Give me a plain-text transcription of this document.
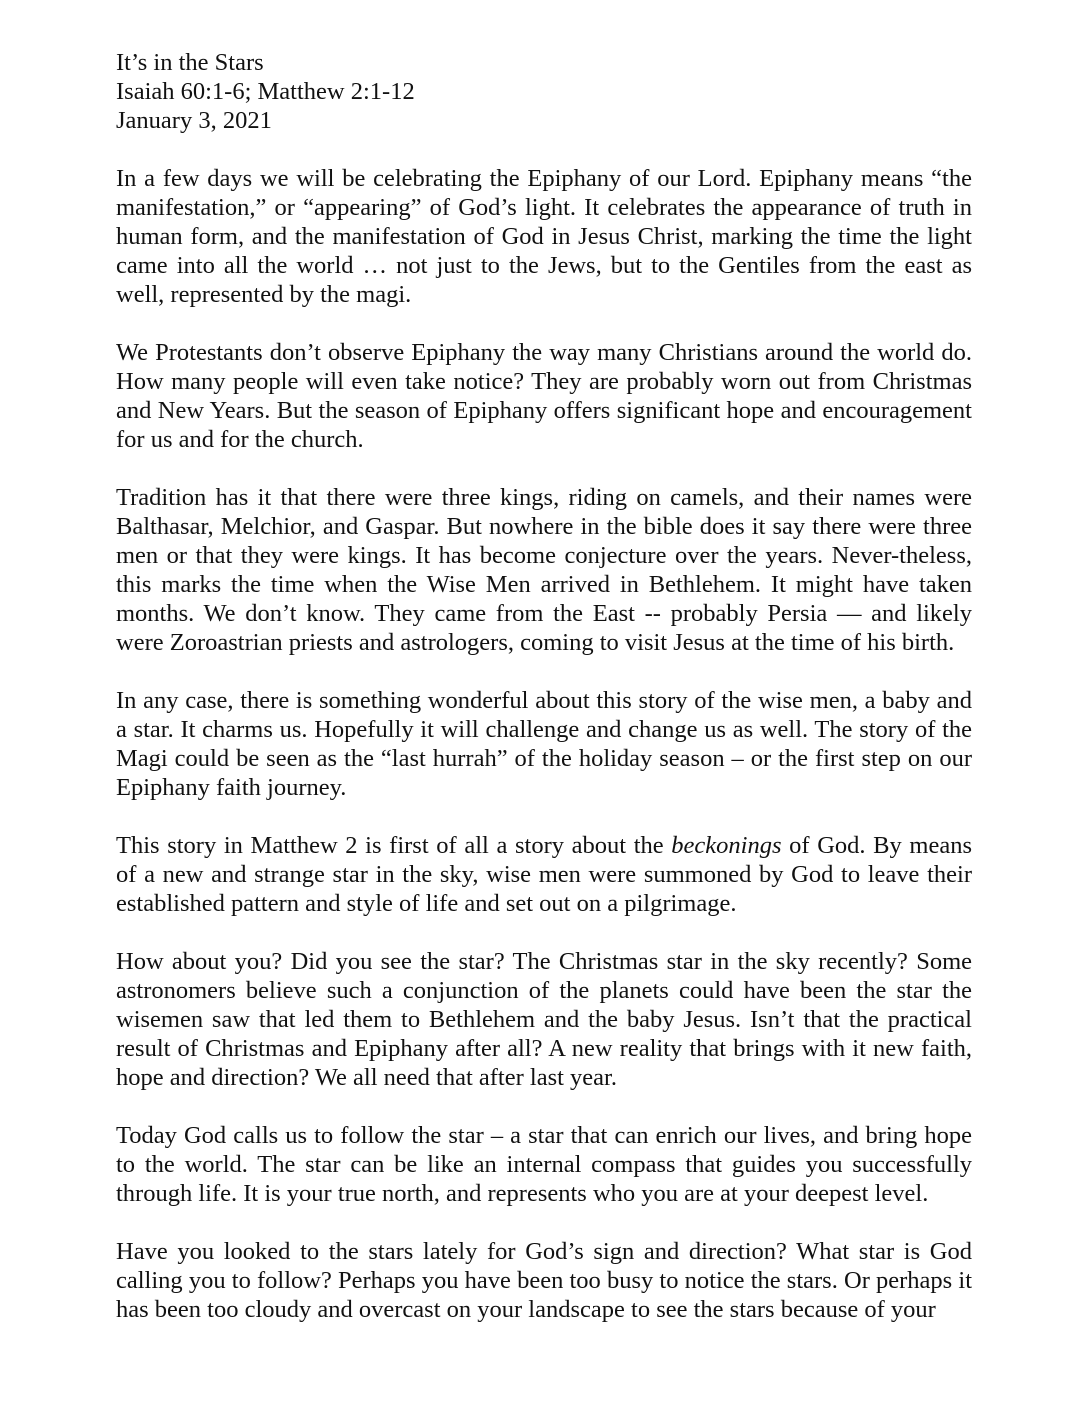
It’s in the Stars
Isaiah 60:1-6; Matthew 2:1-12
January 3, 2021

In a few days we will be celebrating the Epiphany of our Lord. Epiphany means “the manifestation,” or “appearing” of God’s light. It celebrates the appearance of truth in human form, and the manifestation of God in Jesus Christ, marking the time the light came into all the world … not just to the Jews, but to the Gentiles from the east as well, represented by the magi.

We Protestants don’t observe Epiphany the way many Christians around the world do. How many people will even take notice? They are probably worn out from Christmas and New Years. But the season of Epiphany offers significant hope and encouragement for us and for the church.

Tradition has it that there were three kings, riding on camels, and their names were Balthasar, Melchior, and Gaspar. But nowhere in the bible does it say there were three men or that they were kings. It has become conjecture over the years. Never-theless, this marks the time when the Wise Men arrived in Bethlehem. It might have taken months. We don’t know. They came from the East -- probably Persia — and likely were Zoroastrian priests and astrologers, coming to visit Jesus at the time of his birth.

In any case, there is something wonderful about this story of the wise men, a baby and a star. It charms us. Hopefully it will challenge and change us as well. The story of the Magi could be seen as the “last hurrah” of the holiday season – or the first step on our Epiphany faith journey.

This story in Matthew 2 is first of all a story about the beckonings of God. By means of a new and strange star in the sky, wise men were summoned by God to leave their established pattern and style of life and set out on a pilgrimage.

How about you? Did you see the star? The Christmas star in the sky recently? Some astronomers believe such a conjunction of the planets could have been the star the wisemen saw that led them to Bethlehem and the baby Jesus. Isn’t that the practical result of Christmas and Epiphany after all? A new reality that brings with it new faith, hope and direction? We all need that after last year.

Today God calls us to follow the star – a star that can enrich our lives, and bring hope to the world. The star can be like an internal compass that guides you successfully through life. It is your true north, and represents who you are at your deepest level.

Have you looked to the stars lately for God’s sign and direction? What star is God calling you to follow? Perhaps you have been too busy to notice the stars. Or perhaps it has been too cloudy and overcast on your landscape to see the stars because of your
